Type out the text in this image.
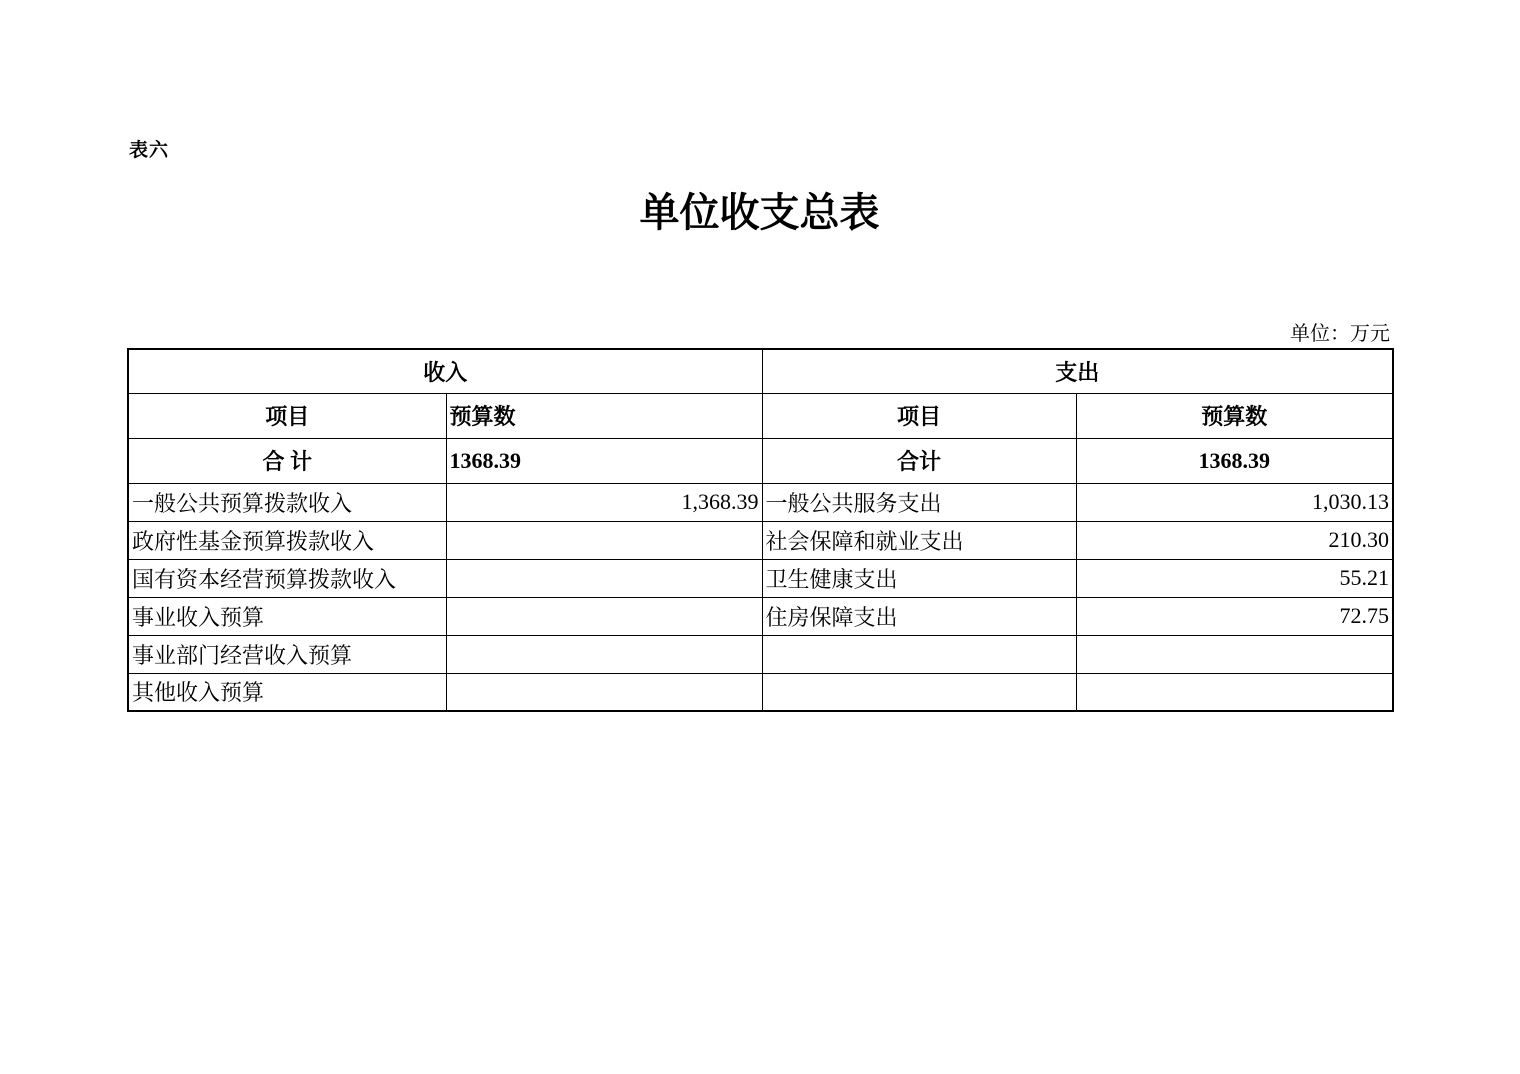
表六
单位收支总表
单位：万元
收入		支出	
项目	预算数	项目	预算数
合 计	1368.39	合计	1368.39
一般公共预算拨款收入	1,368.39	一般公共服务支出	1,030.13
政府性基金预算拨款收入		社会保障和就业支出	210.30
国有资本经营预算拨款收入		卫生健康支出	55.21
事业收入预算		住房保障支出	72.75
事业部门经营收入预算			
其他收入预算			
